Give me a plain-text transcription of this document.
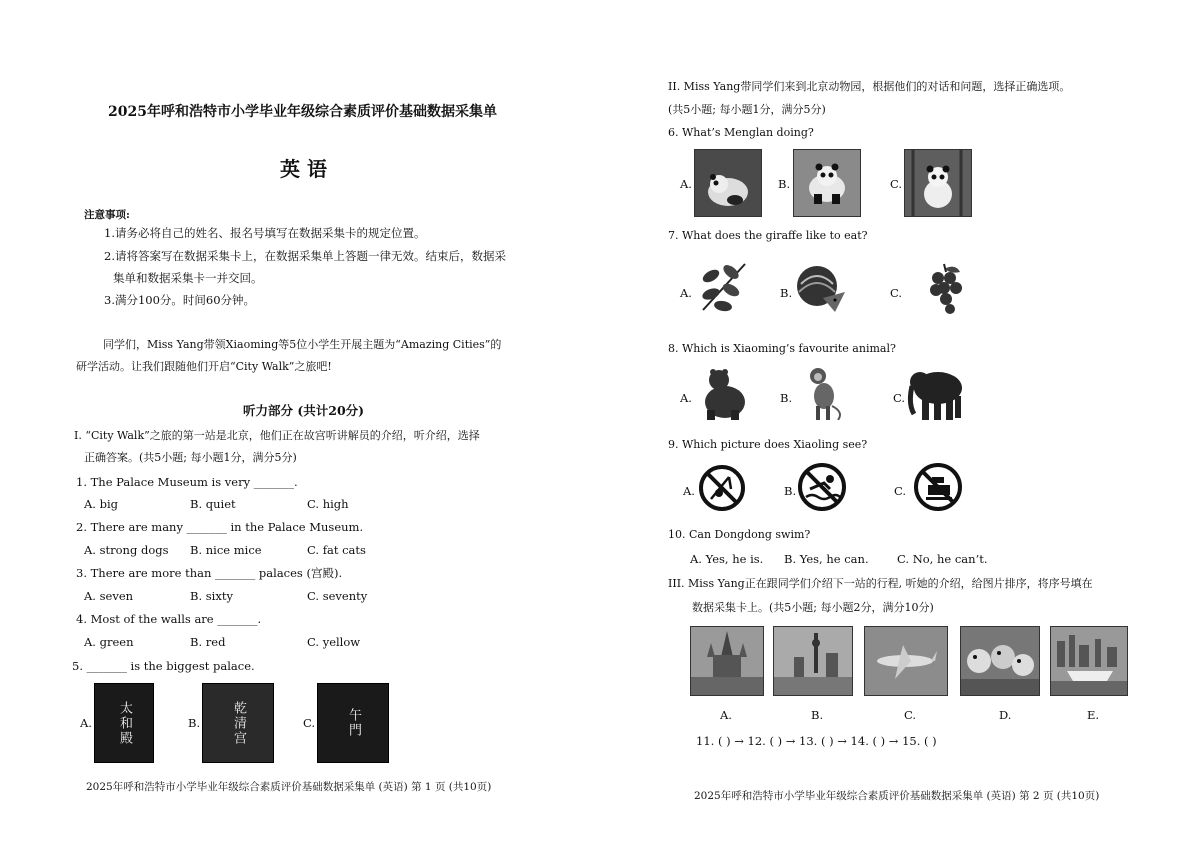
2025年呼和浩特市小学毕业年级综合素质评价基础数据采集单
英 语
注意事项:
1.请务必将自己的姓名、报名号填写在数据采集卡的规定位置。
2.请将答案写在数据采集卡上，在数据采集单上答题一律无效。结束后，数据采
集单和数据采集卡一并交回。
3.满分100分。时间60分钟。
同学们，Miss Yang带领Xiaoming等5位小学生开展主题为“Amazing Cities”的
研学活动。让我们跟随他们开启“City Walk”之旅吧!
听力部分 (共计20分)
I. “City Walk”之旅的第一站是北京，他们正在故宫听讲解员的介绍，听介绍，选择
正确答案。(共5小题; 每小题1分，满分5分)
1. The Palace Museum is very _______.
A. big	B. quiet	C. high
2. There are many _______ in the Palace Museum.
A. strong dogs B. nice mice	C. fat cats
3. There are more than _______ palaces (宫殿).
A. seven	B. sixty	C. seventy
4. Most of the walls are _______.
A. green	B. red	C. yellow
5. _______ is the biggest palace.
A. 太和殿	B. 乾清宫	C. 午門
2025年呼和浩特市小学毕业年级综合素质评价基础数据采集单 (英语) 第 1 页 (共10页)
II. Miss Yang带同学们来到北京动物园，根据他们的对话和问题，选择正确选项。
(共5小题; 每小题1分，满分5分)
6. What’s Menglan doing?
A.	B.	C.
7. What does the giraffe like to eat?
A.	B.	C.
8. Which is Xiaoming’s favourite animal?
A.	B.	C.
9. Which picture does Xiaoling see?
A.	B.	C.
10. Can Dongdong swim?
A. Yes, he is. B. Yes, he can. C. No, he can’t.
III. Miss Yang正在跟同学们介绍下一站的行程, 听她的介绍，给图片排序，将序号填在
数据采集卡上。(共5小题; 每小题2分，满分10分)
A.	B.	C.	D.	E.
11. ( ) → 12. ( ) → 13. ( ) → 14. ( ) → 15. ( )
2025年呼和浩特市小学毕业年级综合素质评价基础数据采集单 (英语) 第 2 页 (共10页)
